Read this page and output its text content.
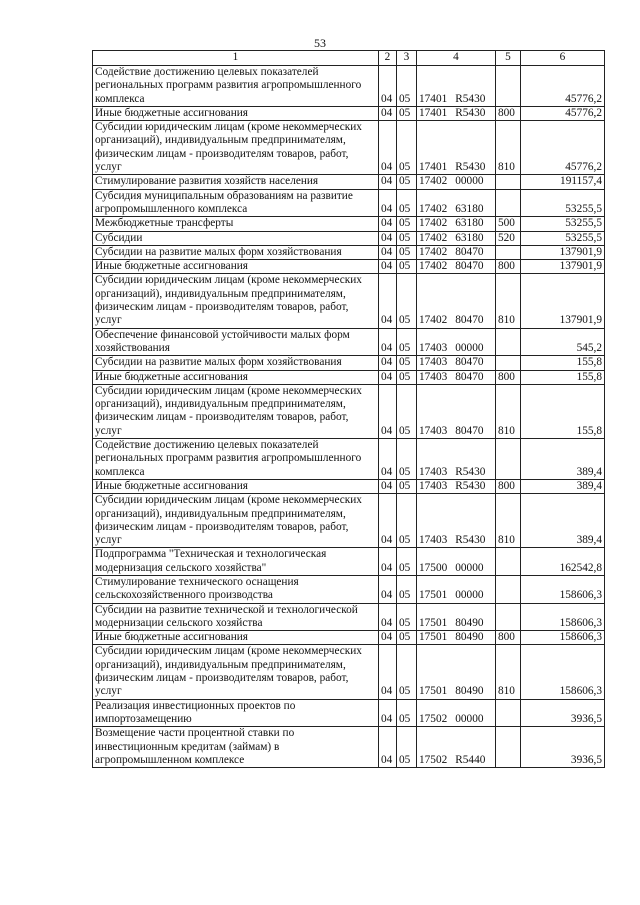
53
1	2	3	4	5	6
Содействие достижению целевых показателей региональных программ развития агропромышленного комплекса	04	05	17401 R5430		45776,2
Иные бюджетные ассигнования	04	05	17401 R5430	800	45776,2
Субсидии юридическим лицам (кроме некоммерческих организаций), индивидуальным предпринимателям, физическим лицам - производителям товаров, работ, услуг	04	05	17401 R5430	810	45776,2
Стимулирование развития хозяйств населения	04	05	17402 00000		191157,4
Субсидия муниципальным образованиям на развитие агропромышленного комплекса	04	05	17402 63180		53255,5
Межбюджетные трансферты	04	05	17402 63180	500	53255,5
Субсидии	04	05	17402 63180	520	53255,5
Субсидии на развитие малых форм хозяйствования	04	05	17402 80470		137901,9
Иные бюджетные ассигнования	04	05	17402 80470	800	137901,9
Субсидии юридическим лицам (кроме некоммерческих организаций), индивидуальным предпринимателям, физическим лицам - производителям товаров, работ, услуг	04	05	17402 80470	810	137901,9
Обеспечение финансовой устойчивости малых форм хозяйствования	04	05	17403 00000		545,2
Субсидии на развитие малых форм хозяйствования	04	05	17403 80470		155,8
Иные бюджетные ассигнования	04	05	17403 80470	800	155,8
Субсидии юридическим лицам (кроме некоммерческих организаций), индивидуальным предпринимателям, физическим лицам - производителям товаров, работ, услуг	04	05	17403 80470	810	155,8
Содействие достижению целевых показателей региональных программ развития агропромышленного комплекса	04	05	17403 R5430		389,4
Иные бюджетные ассигнования	04	05	17403 R5430	800	389,4
Субсидии юридическим лицам (кроме некоммерческих организаций), индивидуальным предпринимателям, физическим лицам - производителям товаров, работ, услуг	04	05	17403 R5430	810	389,4
Подпрограмма "Техническая и технологическая модернизация сельского хозяйства"	04	05	17500 00000		162542,8
Стимулирование технического оснащения сельскохозяйственного производства	04	05	17501 00000		158606,3
Субсидии на развитие технической и технологической модернизации сельского хозяйства	04	05	17501 80490		158606,3
Иные бюджетные ассигнования	04	05	17501 80490	800	158606,3
Субсидии юридическим лицам (кроме некоммерческих организаций), индивидуальным предпринимателям, физическим лицам - производителям товаров, работ, услуг	04	05	17501 80490	810	158606,3
Реализация инвестиционных проектов по импортозамещению	04	05	17502 00000		3936,5
Возмещение части процентной ставки по инвестиционным кредитам (займам) в агропромышленном комплексе	04	05	17502 R5440		3936,5
